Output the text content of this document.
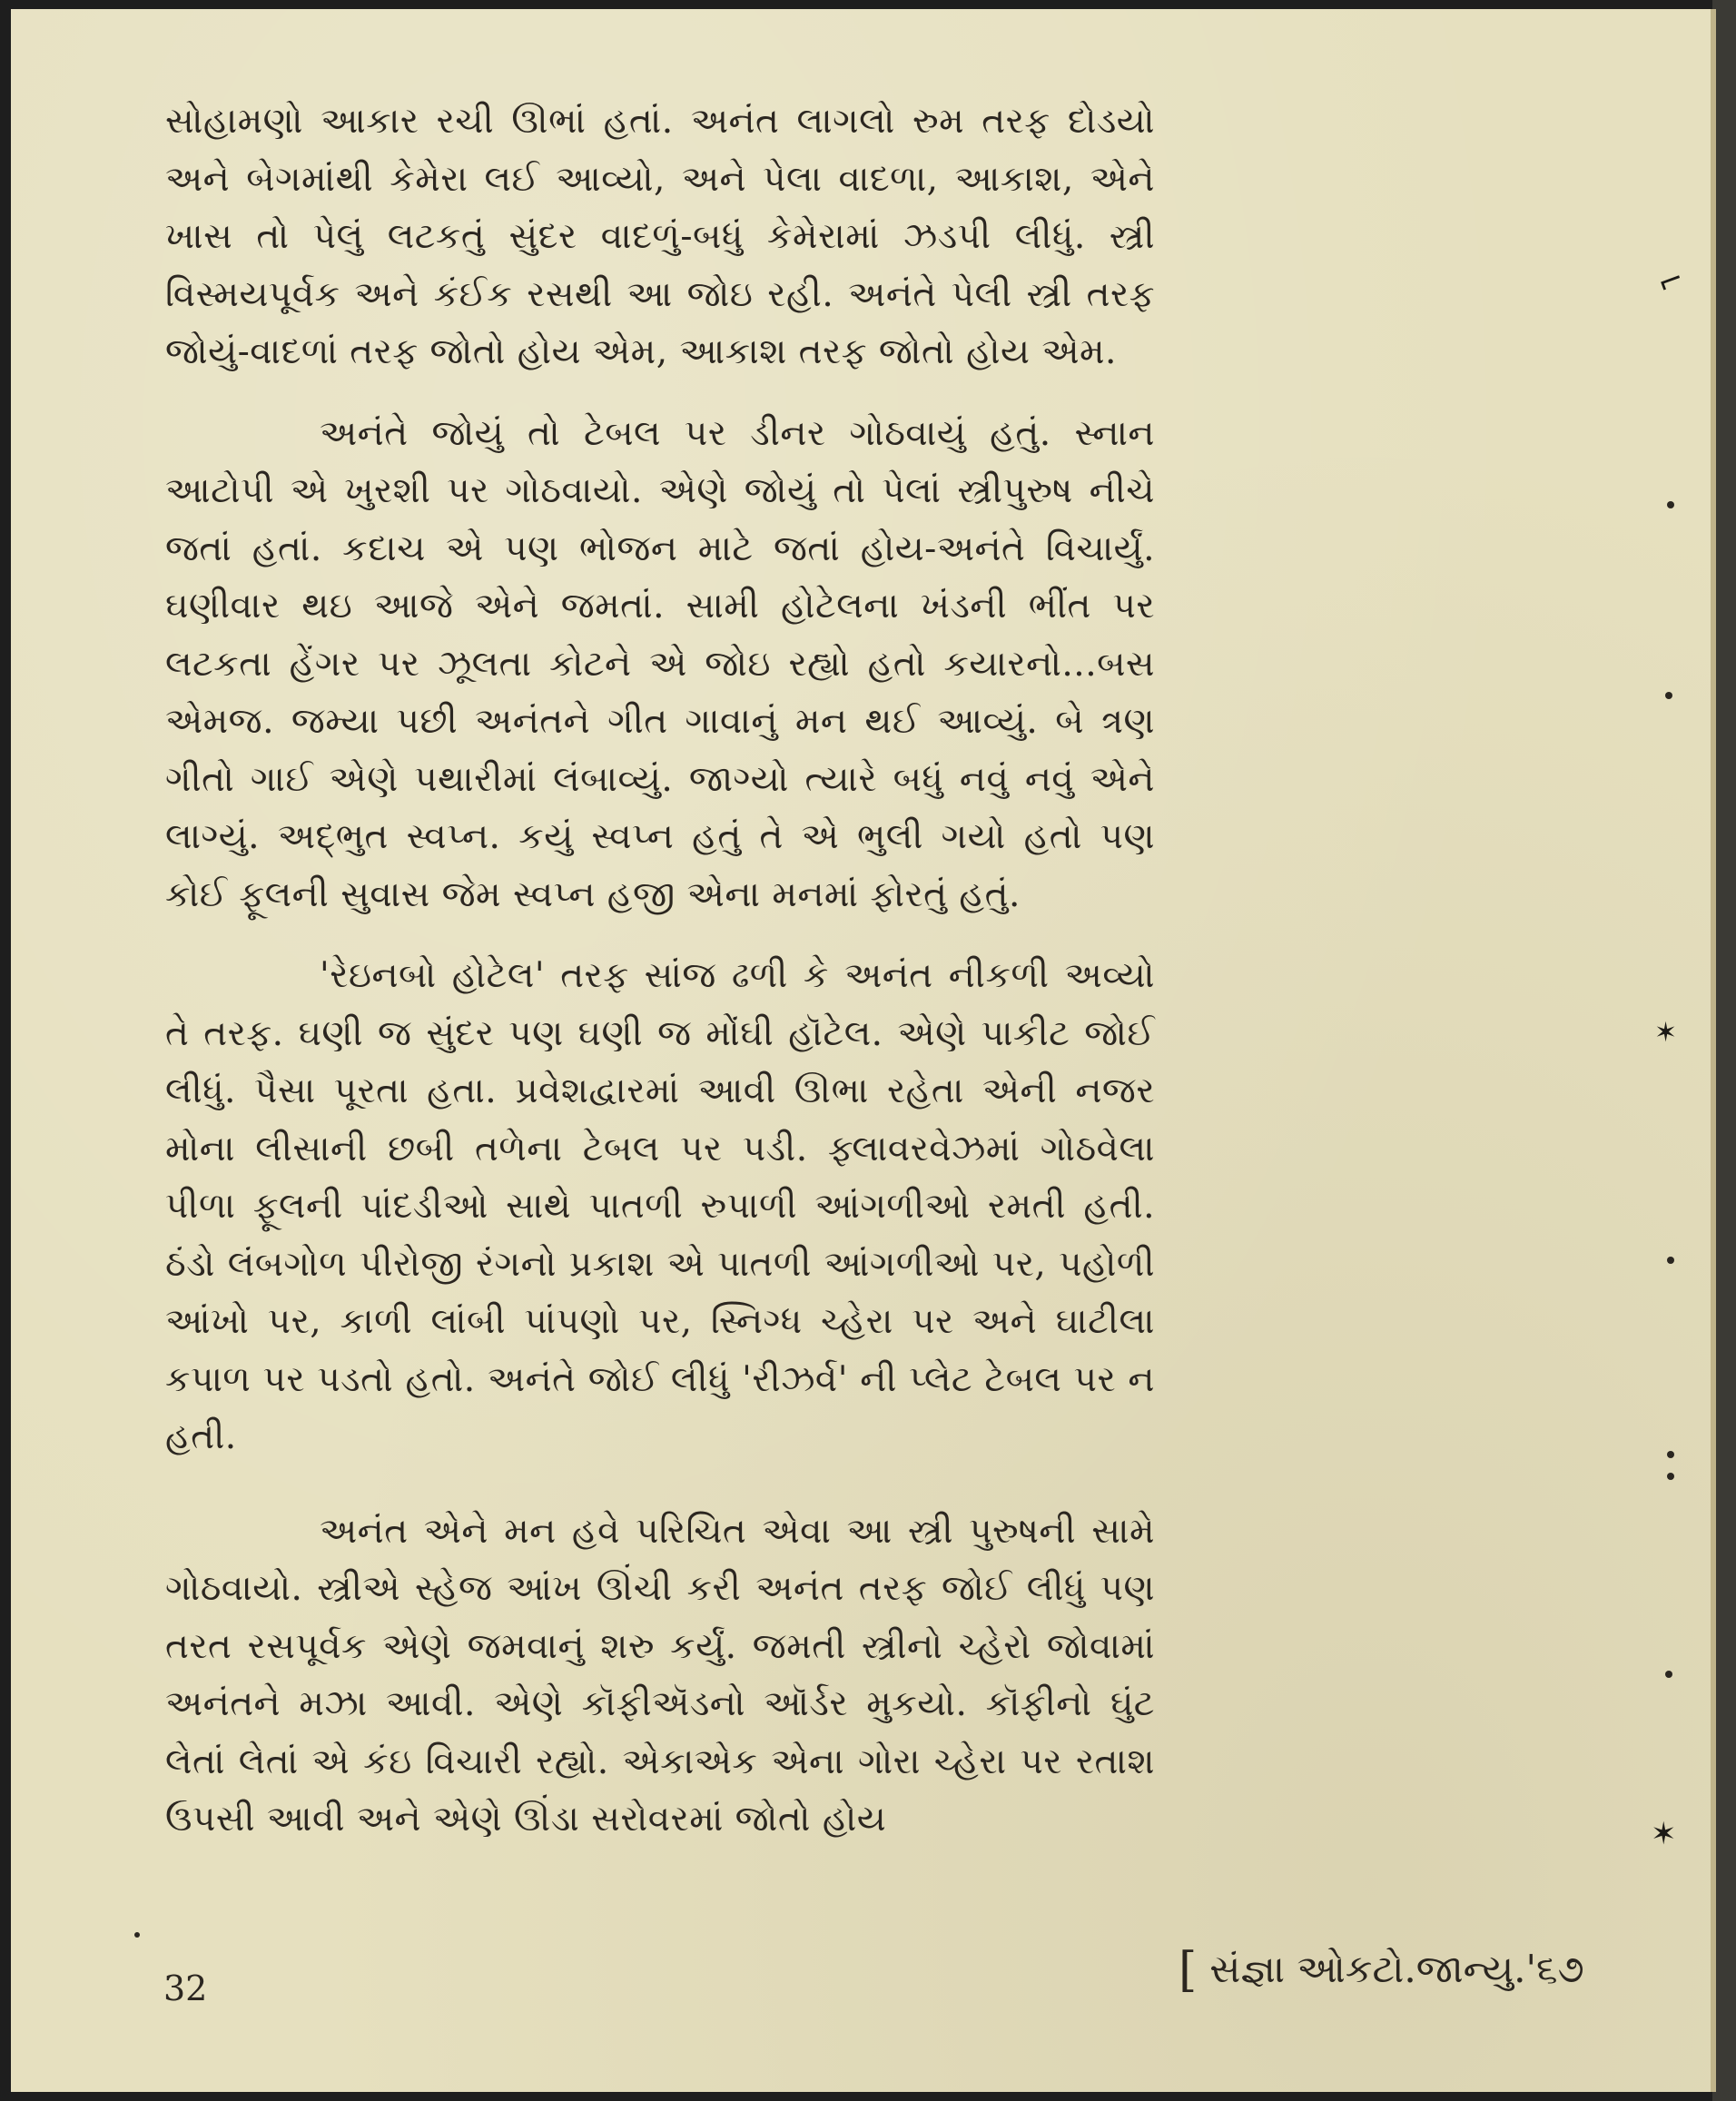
સોહામણો આકાર રચી ઊભાં હતાં. અનંત લાગલો રુમ તરફ દોડયો અને બેગમાંથી કેમેરા લઈ આવ્યો, અને પેલા વાદળા, આકાશ, એને ખાસ તો પેલું લટકતું સુંદર વાદળું-બધું કેમેરામાં ઝડપી લીધું. સ્ત્રી વિસ્મયપૂર્વક અને કંઈક રસથી આ જોઇ રહી. અનંતે પેલી સ્ત્રી તરફ જોયું-વાદળાં તરફ જોતો હોય એમ, આકાશ તરફ જોતો હોય એમ.

અનંતે જોયું તો ટેબલ પર ડીનર ગોઠવાયું હતું. સ્નાન આટોપી એ ખુરશી પર ગોઠવાયો. એણે જોયું તો પેલાં સ્ત્રીપુરુષ નીચે જતાં હતાં. કદાચ એ પણ ભોજન માટે જતાં હોય-અનંતે વિચાર્યું. ઘણીવાર થઇ આજે એને જમતાં. સામી હોટેલના ખંડની ભીંત પર લટકતા હેંગર પર ઝૂલતા કોટને એ જોઇ રહ્યો હતો કયારનો...બસ એમજ. જમ્યા પછી અનંતને ગીત ગાવાનું મન થઈ આવ્યું. બે ત્રણ ગીતો ગાઈ એણે પથારીમાં લંબાવ્યું. જાગ્યો ત્યારે બધું નવું નવું એને લાગ્યું. અદ્‌ભુત સ્વપ્ન. કયું સ્વપ્ન હતું તે એ ભુલી ગયો હતો પણ કોઈ ફૂલની સુવાસ જેમ સ્વપ્ન હજી એના મનમાં ફોરતું હતું.

'રેઇનબો હોટેલ' તરફ સાંજ ઢળી કે અનંત નીકળી અવ્યો તે તરફ. ઘણી જ સુંદર પણ ઘણી જ મોંઘી હૉટેલ. એણે પાકીટ જોઈ લીધું. પૈસા પૂરતા હતા. પ્રવેશદ્વારમાં આવી ઊભા રહેતા એની નજર મોના લીસાની છબી તળેના ટેબલ પર પડી. ફ્લાવરવેઝમાં ગોઠવેલા પીળા ફૂલની પાંદડીઓ સાથે પાતળી રુપાળી આંગળીઓ રમતી હતી. ઠંડો લંબગોળ પીરોજી રંગનો પ્રકાશ એ પાતળી આંગળીઓ પર, પહોળી આંખો પર, કાળી લાંબી પાંપણો પર, સ્નિગ્ધ ચ્હેરા પર અને ઘાટીલા કપાળ પર પડતો હતો. અનંતે જોઈ લીધું 'રીઝર્વ' ની પ્લેટ ટેબલ પર ન હતી.

અનંત એને મન હવે પરિચિત એવા આ સ્ત્રી પુરુષની સામે ગોઠવાયો. સ્ત્રીએ સ્હેજ આંખ ઊંચી કરી અનંત તરફ જોઈ લીધું પણ તરત રસપૂર્વક એણે જમવાનું શરુ કર્યું. જમતી સ્ત્રીનો ચ્હેરો જોવામાં અનંતને મઝા આવી. એણે કૉફીઍડનો ઑર્ડર મુકયો. કૉફીનો ઘુંટ લેતાં લેતાં એ કંઇ વિચારી રહ્યો. એકાએક એના ગોરા ચ્હેરા પર રતાશ ઉપસી આવી અને એણે ઊંડા સરોવરમાં જોતો હોય

32	[ સંજ્ઞા ઓકટો.જાન્યુ.'૬૭
⌐
✶
✶
